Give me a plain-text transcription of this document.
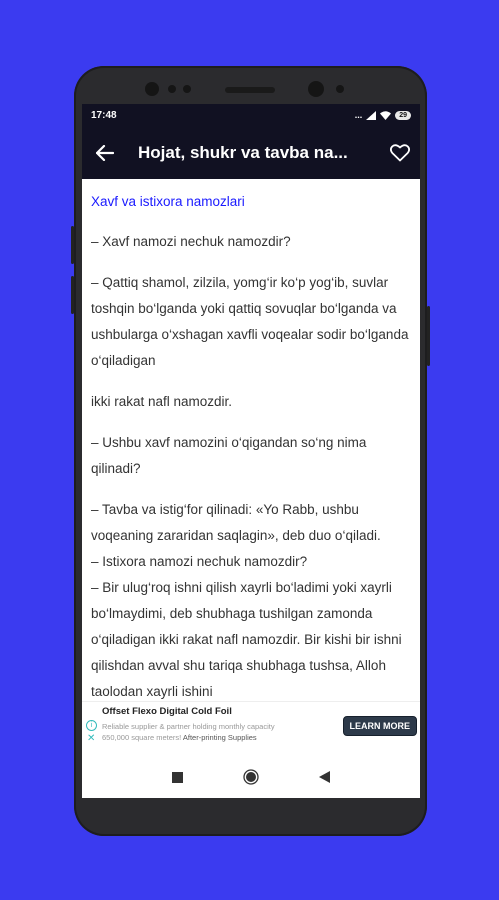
17:48	...	29
Hojat, shukr va tavba na...

Xavf va istixora namozlari

– Xavf namozi nechuk namozdir?

– Qattiq shamol, zilzila, yomg‘ir ko‘p yog‘ib, suvlar toshqin bo‘lganda yoki qattiq sovuqlar bo‘lganda va ushbularga o‘xshagan xavfli voqealar sodir bo‘lganda o‘qiladigan

ikki rakat nafl namozdir.

– Ushbu xavf namozini o‘qigandan so‘ng nima qilinadi?

– Tavba va istig‘for qilinadi: «Yo Rabb, ushbu voqeaning zararidan saqlagin», deb duo o‘qiladi.

– Istixora namozi nechuk namozdir?

– Bir ulug‘roq ishni qilish xayrli bo‘ladimi yoki xayrli bo‘lmaydimi, deb shubhaga tushilgan zamonda o‘qiladigan ikki rakat nafl namozdir. Bir kishi bir ishni qilishdan avval shu tariqa shubhaga tushsa, Alloh taolodan xayrli ishini

i
✕
Offset Flexo Digital Cold Foil
Reliable supplier & partner holding monthly capacity
650,000 square meters! After-printing Supplies
LEARN MORE
